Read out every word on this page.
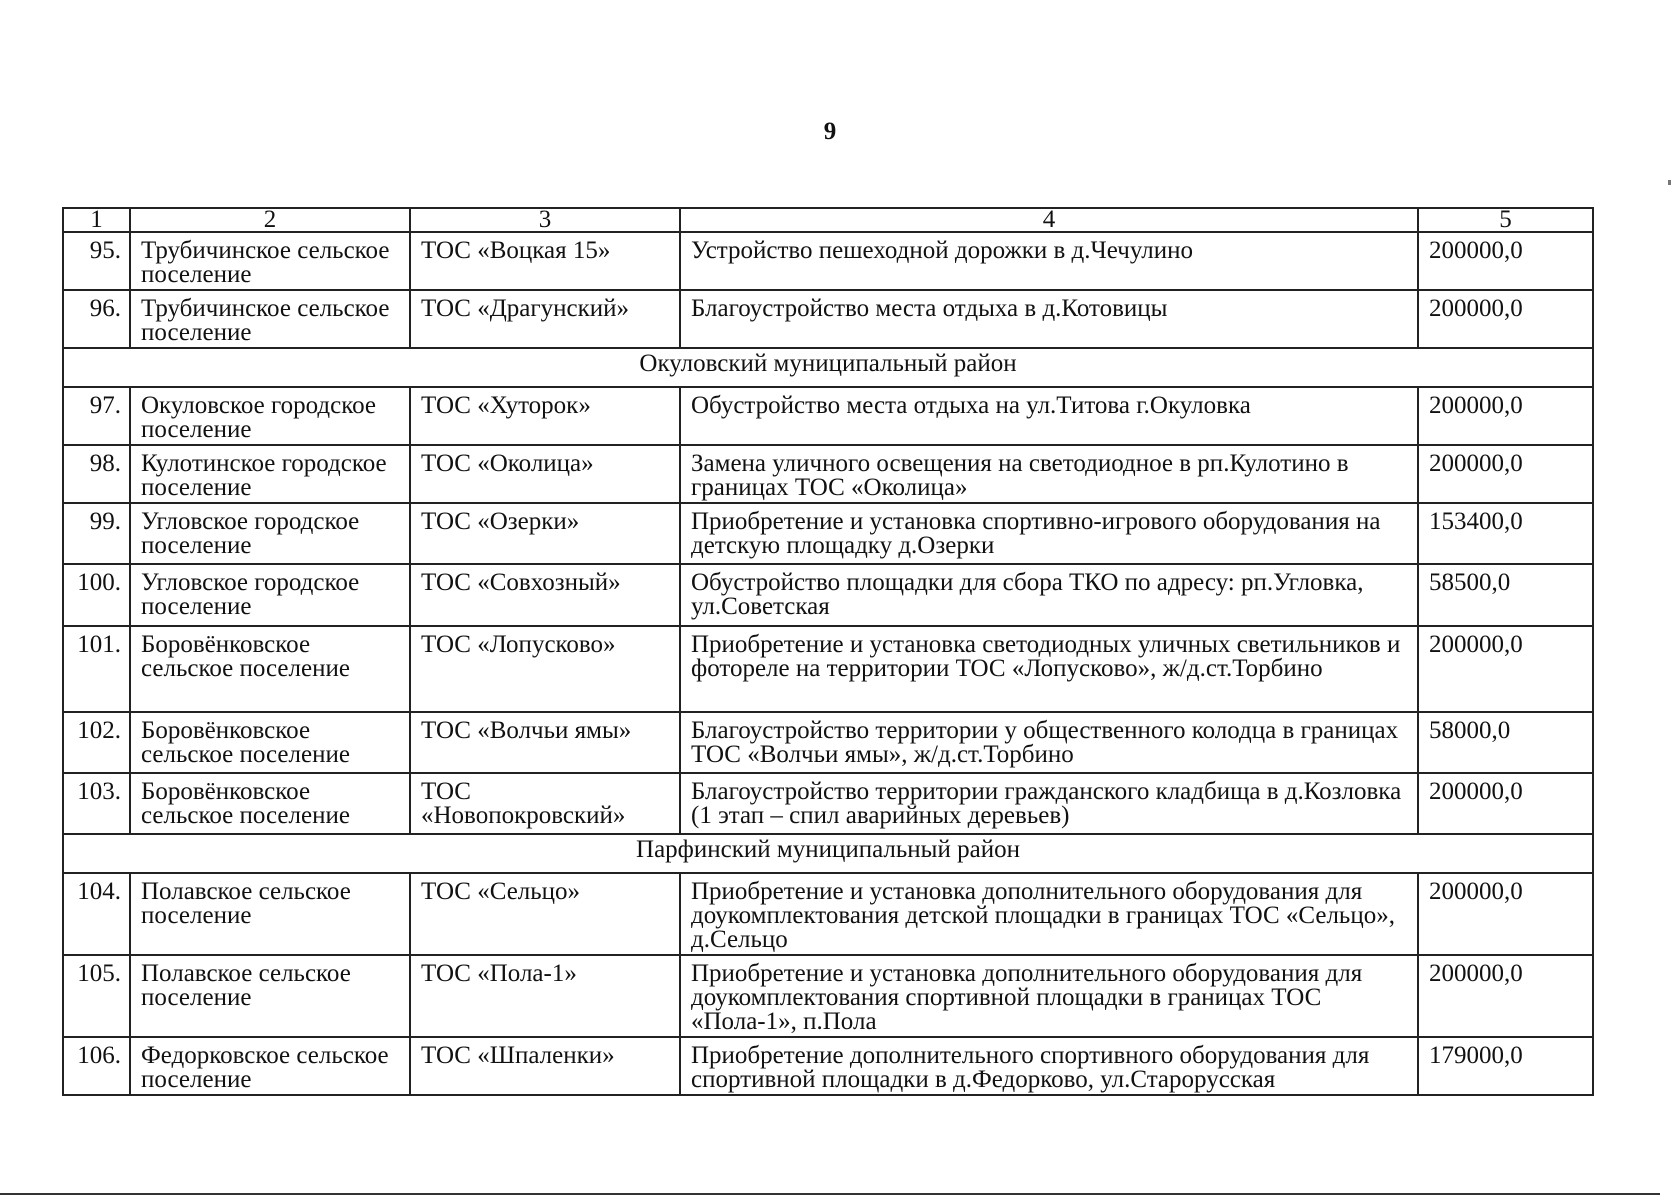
9
1	2	3	4	5
95.	Трубичинское сельское поселение	ТОС «Воцкая 15»	Устройство пешеходной дорожки в д.Чечулино	200000,0
96.	Трубичинское сельское поселение	ТОС «Драгунский»	Благоустройство места отдыха в д.Котовицы	200000,0
Окуловский муниципальный район				
97.	Окуловское городское поселение	ТОС «Хуторок»	Обустройство места отдыха на ул.Титова г.Окуловка	200000,0
98.	Кулотинское городское поселение	ТОС «Околица»	Замена уличного освещения на светодиодное в рп.Кулотино в границах ТОС «Околица»	200000,0
99.	Угловское городское поселение	ТОС «Озерки»	Приобретение и установка спортивно-игрового оборудования на детскую площадку д.Озерки	153400,0
100.	Угловское городское поселение	ТОС «Совхозный»	Обустройство площадки для сбора ТКО по адресу: рп.Угловка, ул.Советская	58500,0
101.	Боровёнковское сельское поселение	ТОС «Лопусково»	Приобретение и установка светодиодных уличных светильников и фотореле на территории ТОС «Лопусково», ж/д.ст.Торбино	200000,0
102.	Боровёнковское сельское поселение	ТОС «Волчьи ямы»	Благоустройство территории у общественного колодца в границах ТОС «Волчьи ямы», ж/д.ст.Торбино	58000,0
103.	Боровёнковское сельское поселение	ТОС «Новопокровский»	Благоустройство территории гражданского кладбища в д.Козловка (1 этап – спил аварийных деревьев)	200000,0
Парфинский муниципальный район				
104.	Полавское сельское поселение	ТОС «Сельцо»	Приобретение и установка дополнительного оборудования для доукомплектования детской площадки в границах ТОС «Сельцо», д.Сельцо	200000,0
105.	Полавское сельское поселение	ТОС «Пола-1»	Приобретение и установка дополнительного оборудования для доукомплектования спортивной площадки в границах ТОС «Пола-1», п.Пола	200000,0
106.	Федорковское сельское поселение	ТОС «Шпаленки»	Приобретение дополнительного спортивного оборудования для спортивной площадки в д.Федорково, ул.Старорусская	179000,0
